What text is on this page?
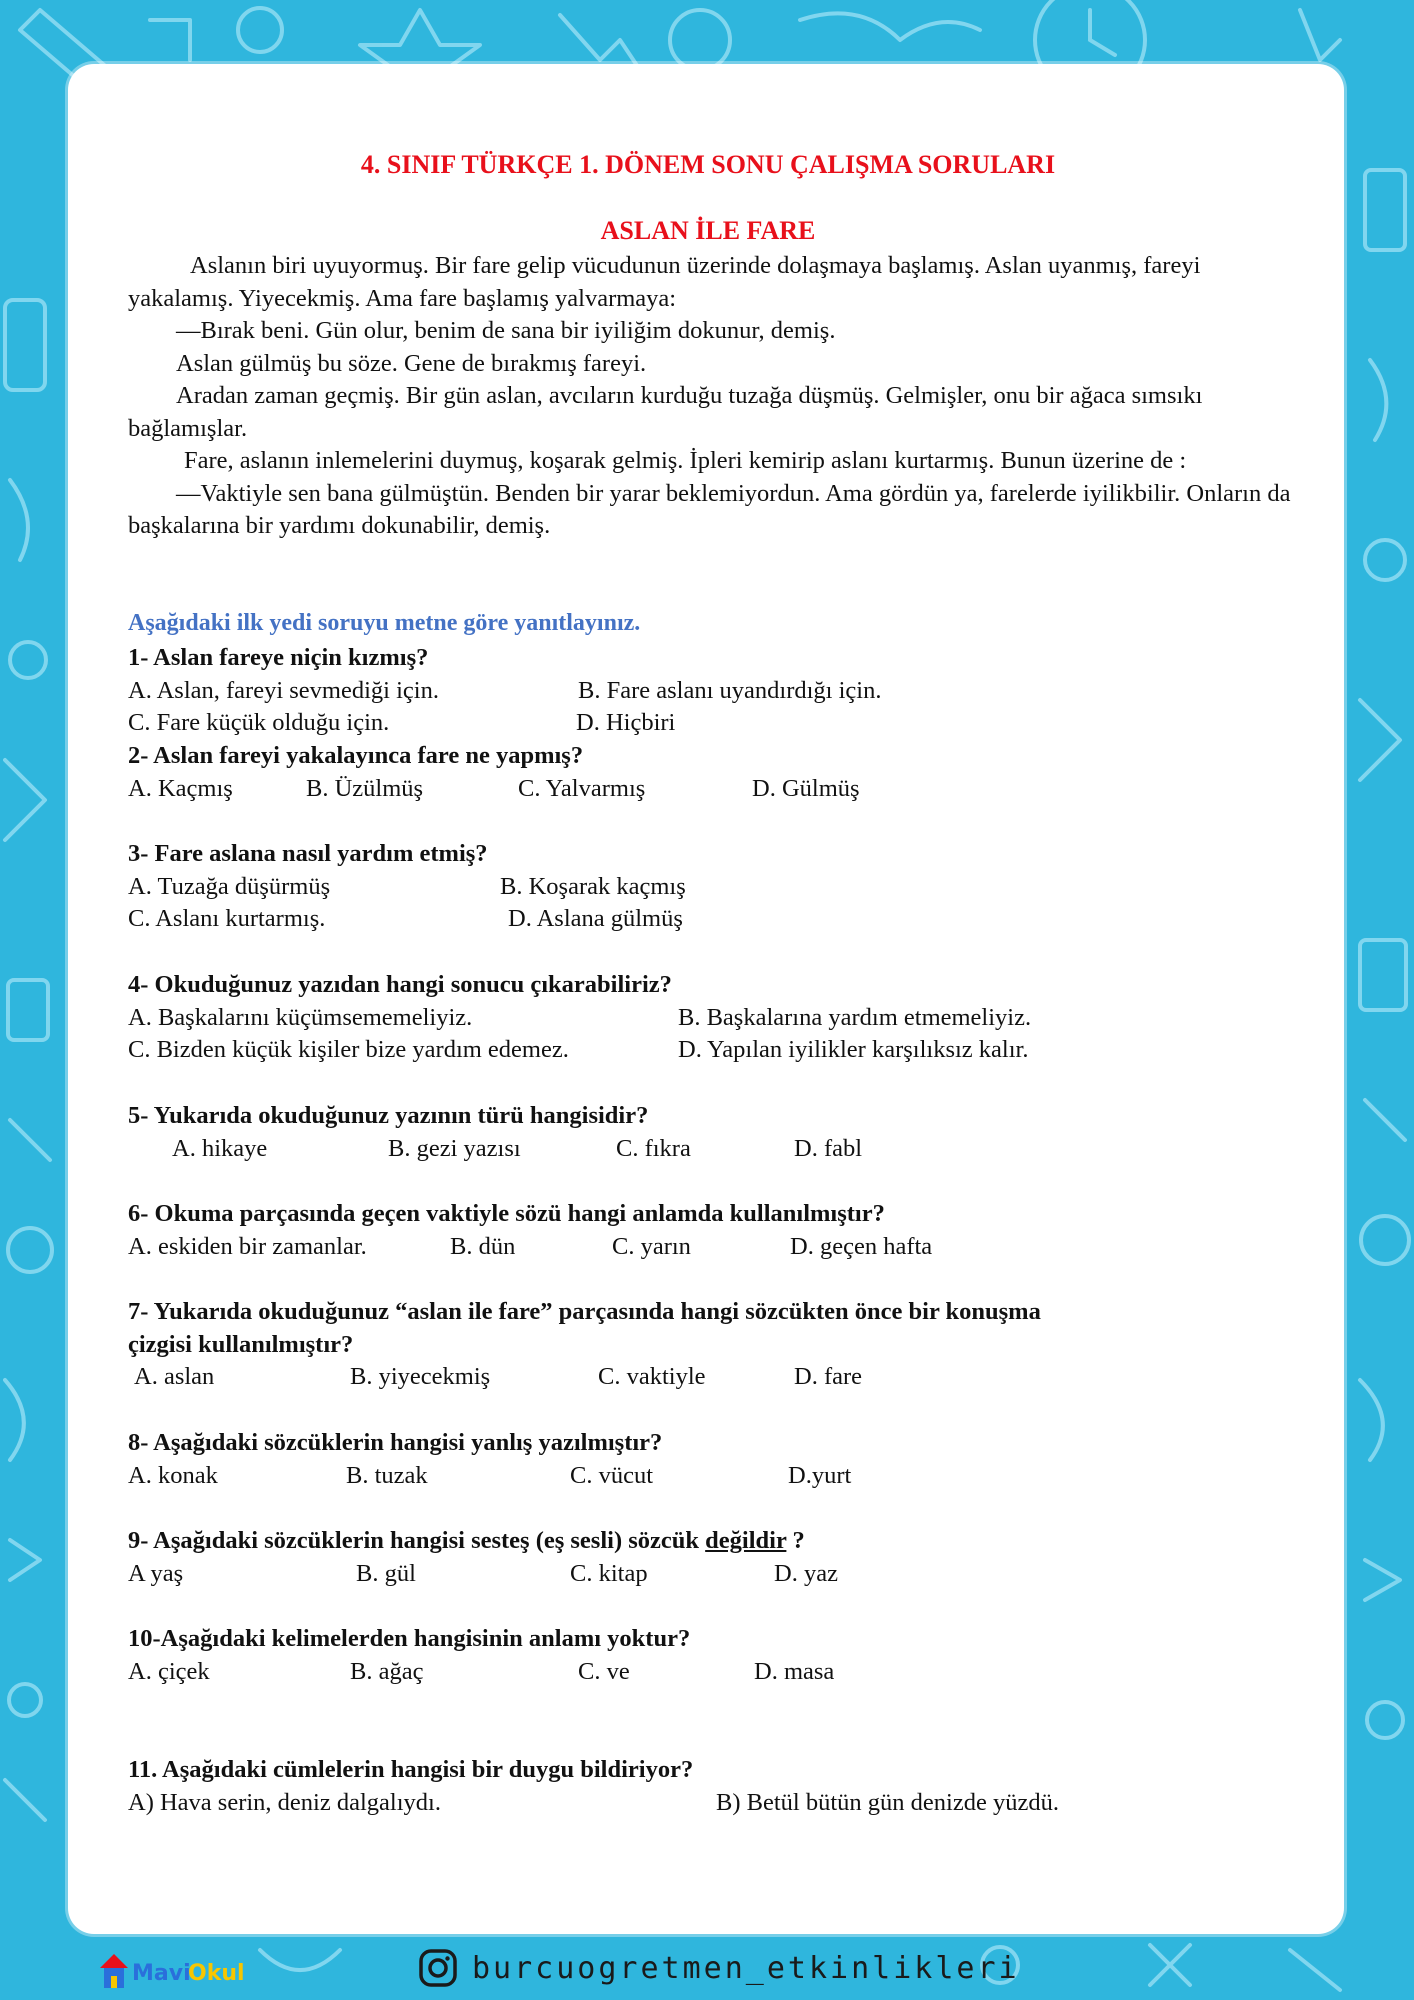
4. SINIF TÜRKÇE 1. DÖNEM SONU ÇALIŞMA SORULARI
ASLAN İLE FARE

Aslanın biri uyuyormuş. Bir fare gelip vücudunun üzerinde dolaşmaya başlamış. Aslan uyanmış, fareyi yakalamış. Yiyecekmiş. Ama fare başlamış yalvarmaya:

—Bırak beni. Gün olur, benim de sana bir iyiliğim dokunur, demiş.

Aslan gülmüş bu söze. Gene de bırakmış fareyi.

Aradan zaman geçmiş. Bir gün aslan, avcıların kurduğu tuzağa düşmüş. Gelmişler, onu bir ağaca sımsıkı bağlamışlar.

Fare, aslanın inlemelerini duymuş, koşarak gelmiş. İpleri kemirip aslanı kurtarmış. Bunun üzerine de :

—Vaktiyle sen bana gülmüştün. Benden bir yarar beklemiyordun. Ama gördün ya, farelerde iyilikbilir. Onların da başkalarına bir yardımı dokunabilir, demiş.

Aşağıdaki ilk yedi soruyu metne göre yanıtlayınız.
1- Aslan fareye niçin kızmış?
A. Aslan, fareyi sevmediği için.	B. Fare aslanı uyandırdığı için.
C. Fare küçük olduğu için.	D. Hiçbiri
2- Aslan fareyi yakalayınca fare ne yapmış?
A. Kaçmış	B. Üzülmüş	C. Yalvarmış	D. Gülmüş
3- Fare aslana nasıl yardım etmiş?
A. Tuzağa düşürmüş	B. Koşarak kaçmış
C. Aslanı kurtarmış.	D. Aslana gülmüş
4- Okuduğunuz yazıdan hangi sonucu çıkarabiliriz?
A. Başkalarını küçümsememeliyiz.	B. Başkalarına yardım etmemeliyiz.
C. Bizden küçük kişiler bize yardım edemez.	D. Yapılan iyilikler karşılıksız kalır.
5- Yukarıda okuduğunuz yazının türü hangisidir?
A. hikaye	B. gezi yazısı	C. fıkra	D. fabl
6- Okuma parçasında geçen vaktiyle sözü hangi anlamda kullanılmıştır?
A. eskiden bir zamanlar.	B. dün	C. yarın	D. geçen hafta
7- Yukarıda okuduğunuz “aslan ile fare” parçasında hangi sözcükten önce bir konuşma
çizgisi kullanılmıştır?
A. aslan	B. yiyecekmiş	C. vaktiyle	D. fare
8- Aşağıdaki sözcüklerin hangisi yanlış yazılmıştır?
A. konak	B. tuzak	C. vücut	D.yurt
9- Aşağıdaki sözcüklerin hangisi sesteş (eş sesli) sözcük değildir ?
A yaş	B. gül	C. kitap	D. yaz
10-Aşağıdaki kelimelerden hangisinin anlamı yoktur?
A. çiçek	B. ağaç	C. ve	D. masa
11. Aşağıdaki cümlelerin hangisi bir duygu bildiriyor?
A) Hava serin, deniz dalgalıydı.	B) Betül bütün gün denizde yüzdü.
Mavi
Okul	burcuogretmen_etkinlikleri
